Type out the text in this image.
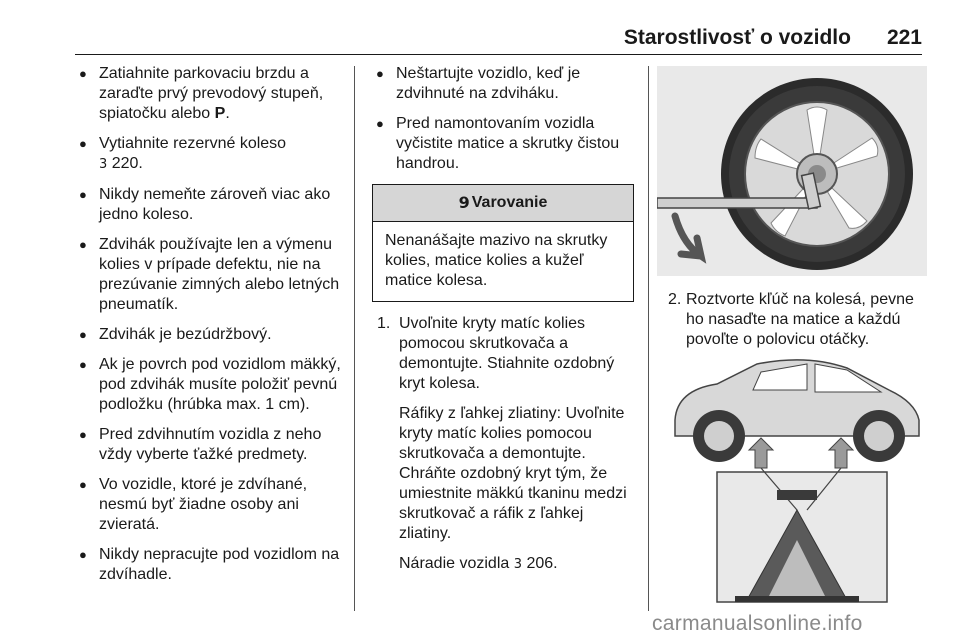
Starostlivosť o vozidlo 221
● Zatiahnite parkovaciu brzdu a zaraďte prvý prevodový stupeň, spiatočku alebo P.
● Vytiahnite rezervné koleso
3 220.
● Nikdy nemeňte zároveň viac ako jedno koleso.
● Zdvihák používajte len a výmenu kolies v prípade defektu, nie na prezúvanie zimných alebo letných pneumatík.
● Zdvihák je bezúdržbový.
● Ak je povrch pod vozidlom mäkký, pod zdvihák musíte položiť pevnú podložku (hrúbka max. 1 cm).
● Pred zdvihnutím vozidla z neho vždy vyberte ťažké predmety.
● Vo vozidle, ktoré je zdvíhané, nesmú byť žiadne osoby ani zvieratá.
● Nikdy nepracujte pod vozidlom na zdvíhadle.
● Neštartujte vozidlo, keď je zdvihnuté na zdviháku.
● Pred namontovaním vozidla vyčistite matice a skrutky čistou handrou.
9 Varovanie
Nenanášajte mazivo na skrutky kolies, matice kolies a kužeľ matice kolesa.
1. Uvoľnite kryty matíc kolies pomocou skrutkovača a demontujte. Stiahnite ozdobný kryt kolesa.

Ráfiky z ľahkej zliatiny: Uvoľnite kryty matíc kolies pomocou skrutkovača a demontujte. Chráňte ozdobný kryt tým, že umiestnite mäkkú tkaninu medzi skrutkovač a ráfik z ľahkej zliatiny.

Náradie vozidla 3 206.

2. Roztvorte kľúč na kolesá, pevne ho nasaďte na matice a každú povoľte o polovicu otáčky.
carmanualsonline.info
